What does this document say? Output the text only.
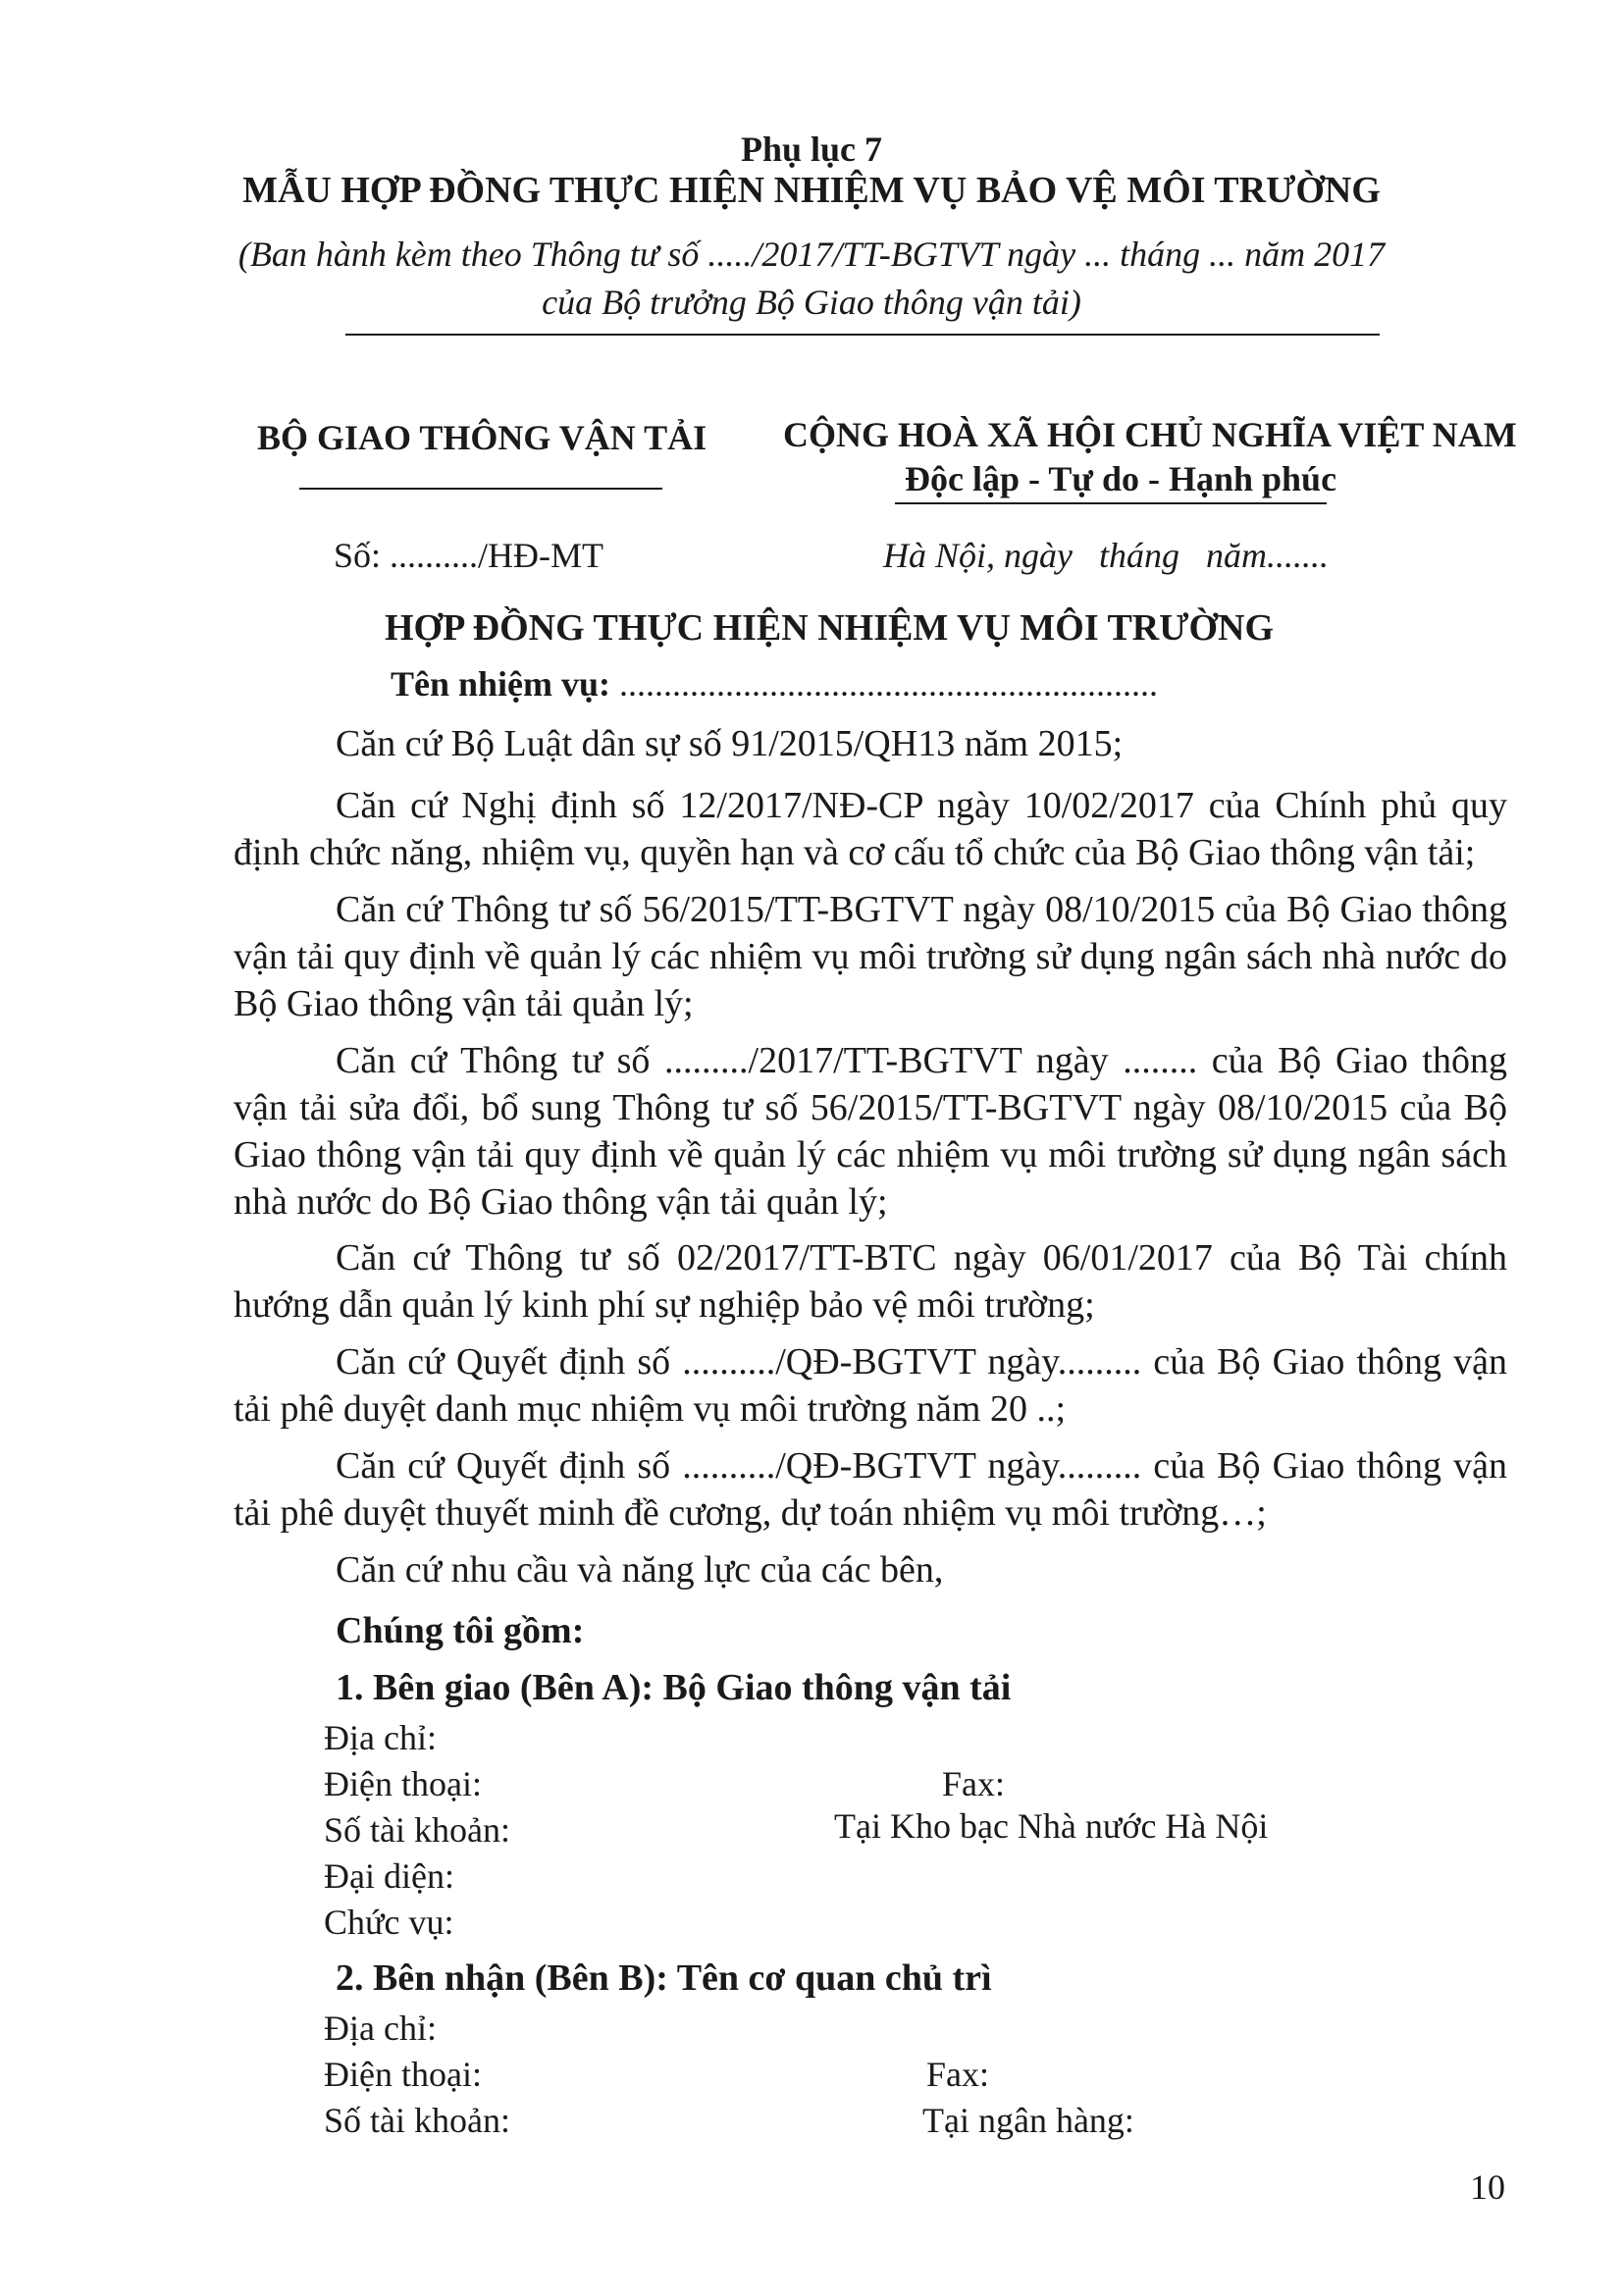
Phụ lục 7
MẪU HỢP ĐỒNG THỰC HIỆN NHIỆM VỤ BẢO VỆ MÔI TRƯỜNG
(Ban hành kèm theo Thông tư số ...../2017/TT-BGTVT ngày ... tháng ... năm 2017
của Bộ trưởng Bộ Giao thông vận tải)
BỘ GIAO THÔNG VẬN TẢI CỘNG HOÀ XÃ HỘI CHỦ NGHĨA VIỆT NAM
Độc lập - Tự do - Hạnh phúc
Số: ........../HĐ-MT	Hà Nội, ngày   tháng   năm.......
HỢP ĐỒNG THỰC HIỆN NHIỆM VỤ MÔI TRƯỜNG
Tên nhiệm vụ: .............................................................
Căn cứ Bộ Luật dân sự số 91/2015/QH13 năm 2015;
Căn cứ Nghị định số 12/2017/NĐ-CP ngày 10/02/2017 của Chính phủ quy định chức năng, nhiệm vụ, quyền hạn và cơ cấu tổ chức của Bộ Giao thông vận tải;
Căn cứ Thông tư số 56/2015/TT-BGTVT ngày 08/10/2015 của Bộ Giao thông vận tải quy định về quản lý các nhiệm vụ môi trường sử dụng ngân sách nhà nước do Bộ Giao thông vận tải quản lý;
Căn cứ Thông tư số ........./2017/TT-BGTVT ngày ........ của Bộ Giao thông vận tải sửa đổi, bổ sung Thông tư số 56/2015/TT-BGTVT ngày 08/10/2015 của Bộ Giao thông vận tải quy định về quản lý các nhiệm vụ môi trường sử dụng ngân sách nhà nước do Bộ Giao thông vận tải quản lý;
Căn cứ Thông tư số 02/2017/TT-BTC ngày 06/01/2017 của Bộ Tài chính hướng dẫn quản lý kinh phí sự nghiệp bảo vệ môi trường;
Căn cứ Quyết định số ........../QĐ-BGTVT ngày......... của Bộ Giao thông vận tải phê duyệt danh mục nhiệm vụ môi trường năm 20 ..;
Căn cứ Quyết định số ........../QĐ-BGTVT ngày......... của Bộ Giao thông vận tải phê duyệt thuyết minh đề cương, dự toán nhiệm vụ môi trường…;
Căn cứ nhu cầu và năng lực của các bên,
Chúng tôi gồm:
1. Bên giao (Bên A): Bộ Giao thông vận tải
Địa chỉ:
Điện thoại:	Fax:
Số tài khoản:	Tại Kho bạc Nhà nước Hà Nội
Đại diện:
Chức vụ:
2. Bên nhận (Bên B): Tên cơ quan chủ trì
Địa chỉ:
Điện thoại:	Fax:
Số tài khoản:	Tại ngân hàng:
10
